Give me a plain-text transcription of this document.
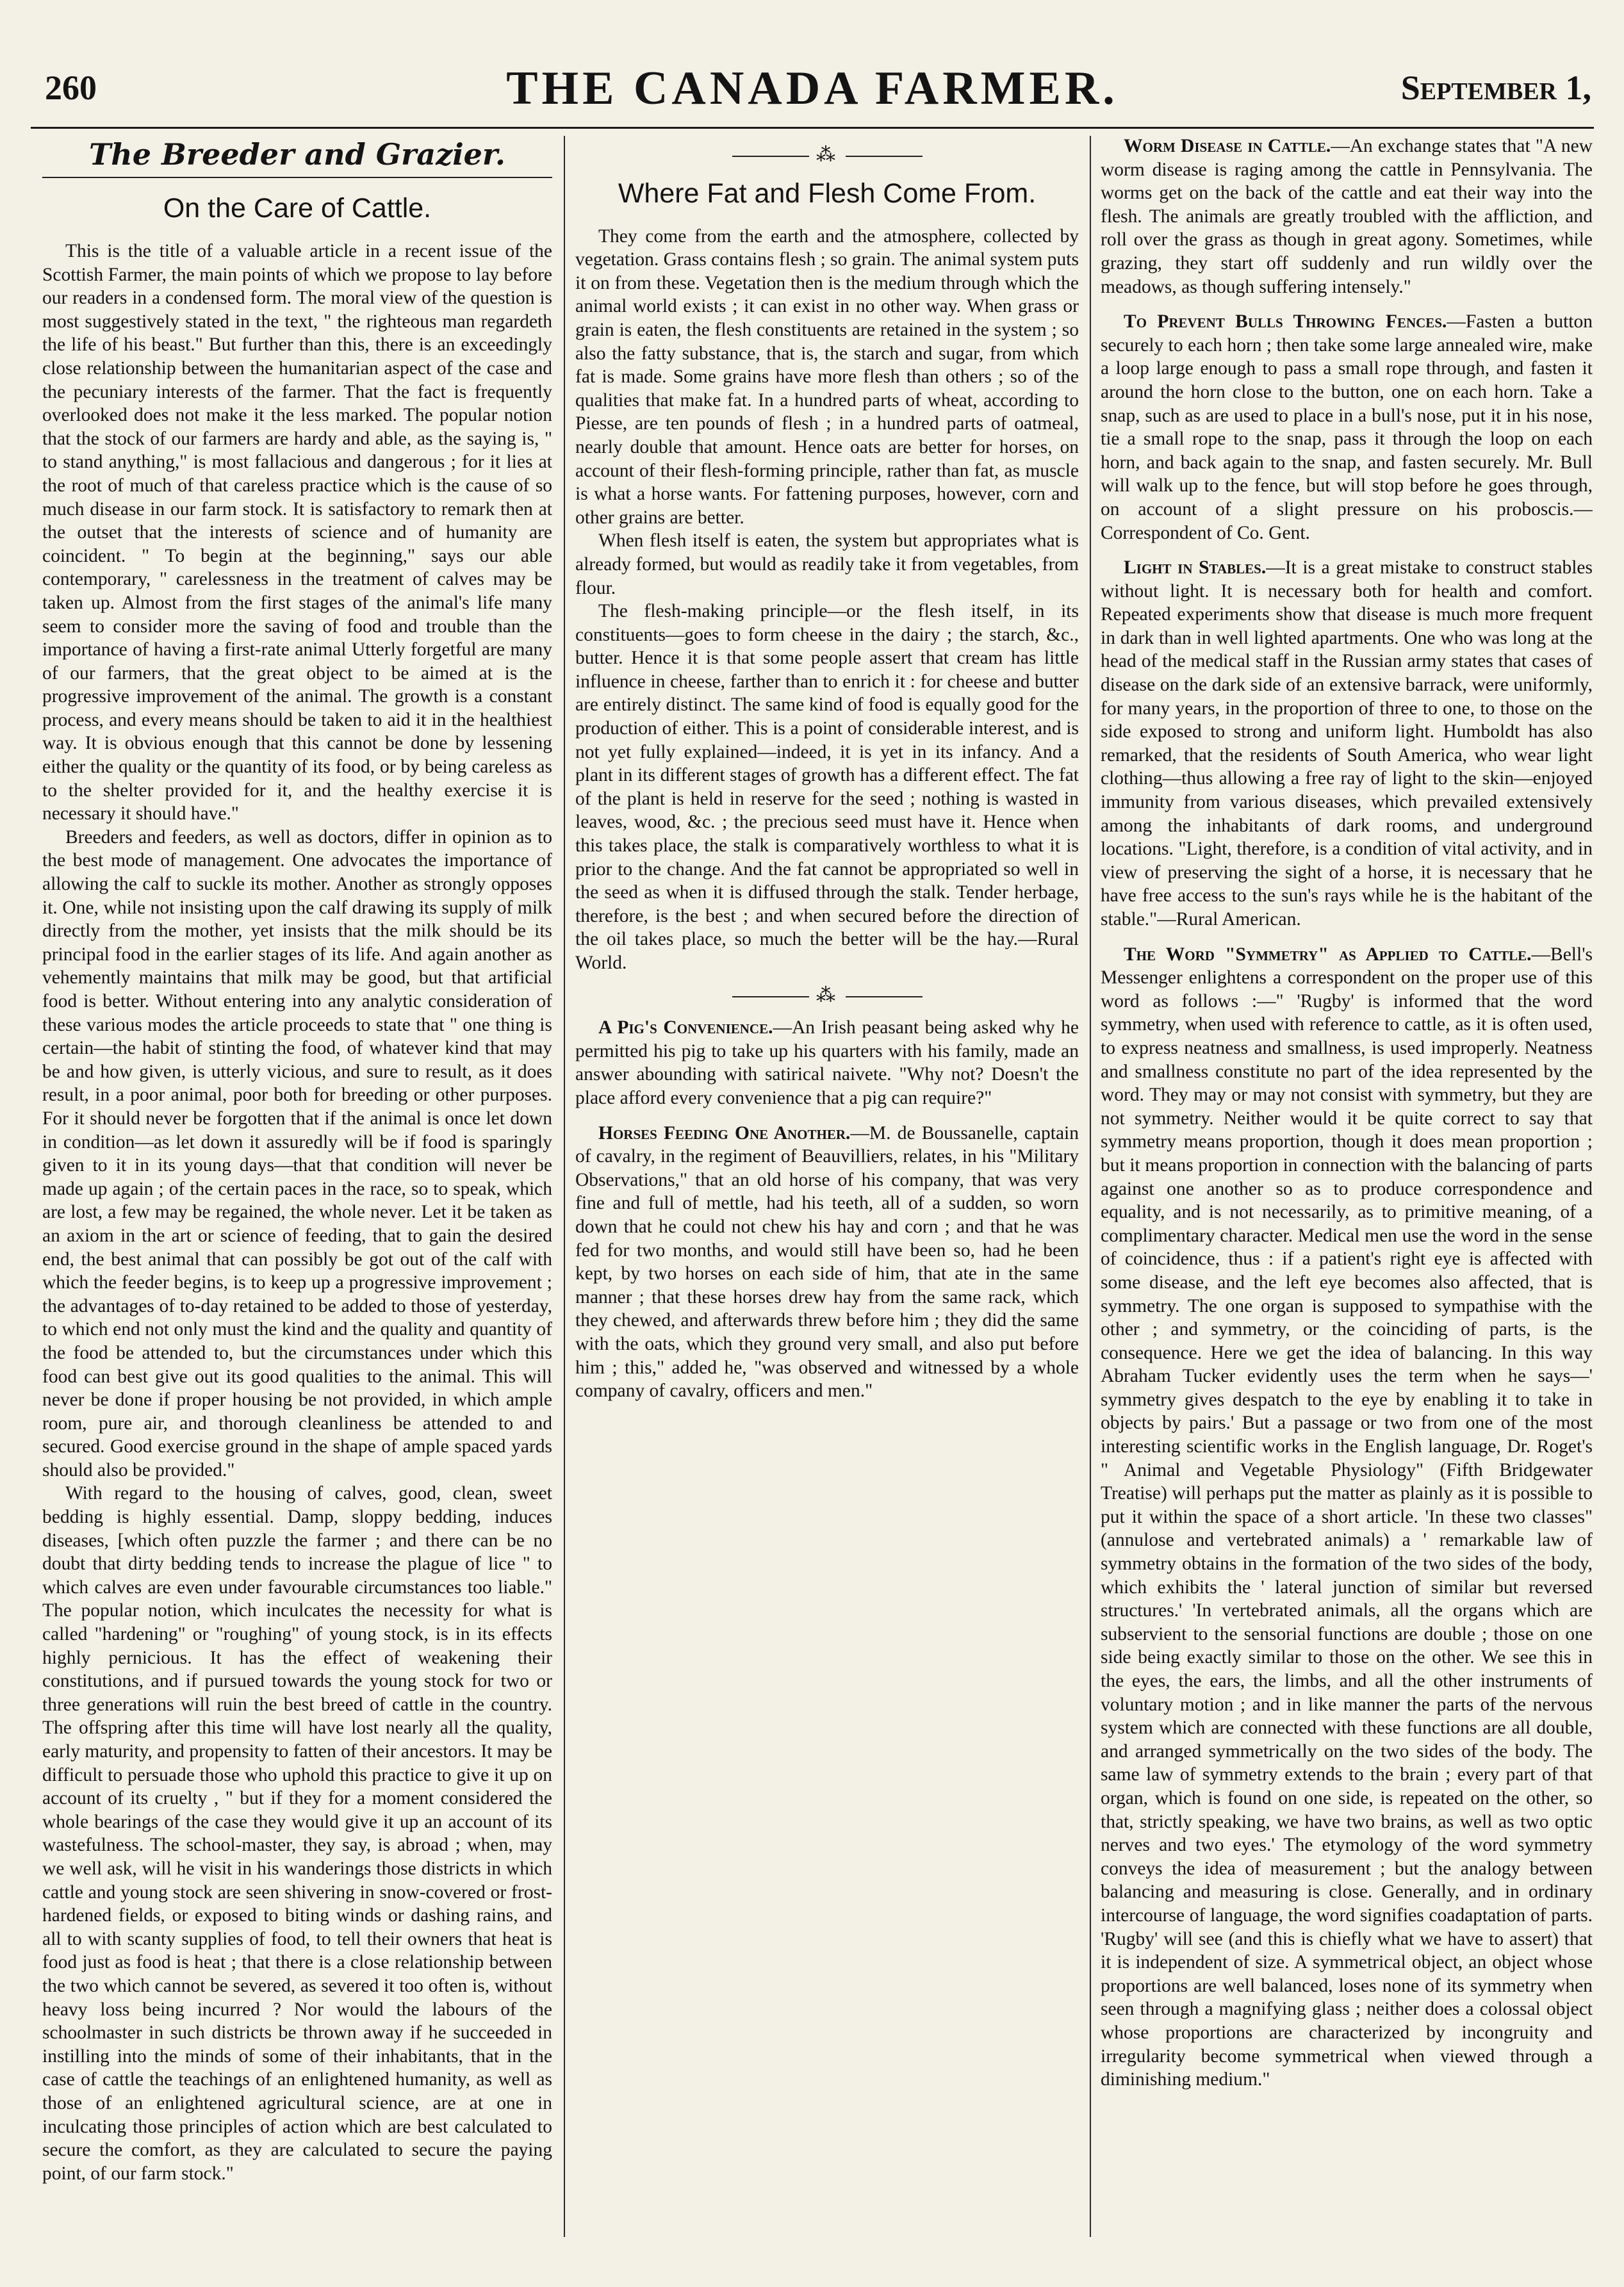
260	THE CANADA FARMER.	September 1,
The Breeder and Grazier.
On the Care of Cattle.

This is the title of a valuable article in a recent issue of the Scottish Farmer, the main points of which we propose to lay before our readers in a condensed form. The moral view of the question is most suggestively stated in the text, " the righteous man regardeth the life of his beast." But further than this, there is an exceedingly close relationship between the humanitarian aspect of the case and the pecuniary interests of the farmer. That the fact is frequently overlooked does not make it the less marked. The popular notion that the stock of our farmers are hardy and able, as the saying is, " to stand anything," is most fallacious and dangerous ; for it lies at the root of much of that careless practice which is the cause of so much disease in our farm stock. It is satisfactory to remark then at the outset that the interests of science and of humanity are coincident. " To begin at the beginning," says our able contemporary, " carelessness in the treatment of calves may be taken up. Almost from the first stages of the animal's life many seem to consider more the saving of food and trouble than the importance of having a first-rate animal Utterly forgetful are many of our farmers, that the great object to be aimed at is the progressive improvement of the animal. The growth is a constant process, and every means should be taken to aid it in the healthiest way. It is obvious enough that this cannot be done by lessening either the quality or the quantity of its food, or by being careless as to the shelter provided for it, and the healthy exercise it is necessary it should have."

Breeders and feeders, as well as doctors, differ in opinion as to the best mode of management. One advocates the importance of allowing the calf to suckle its mother. Another as strongly opposes it. One, while not insisting upon the calf drawing its supply of milk directly from the mother, yet insists that the milk should be its principal food in the earlier stages of its life. And again another as vehemently maintains that milk may be good, but that artificial food is better. Without entering into any analytic consideration of these various modes the article proceeds to state that " one thing is certain—the habit of stinting the food, of whatever kind that may be and how given, is utterly vicious, and sure to result, as it does result, in a poor animal, poor both for breeding or other purposes. For it should never be forgotten that if the animal is once let down in condition—as let down it assuredly will be if food is sparingly given to it in its young days—that that condition will never be made up again ; of the certain paces in the race, so to speak, which are lost, a few may be regained, the whole never. Let it be taken as an axiom in the art or science of feeding, that to gain the desired end, the best animal that can possibly be got out of the calf with which the feeder begins, is to keep up a progressive improvement ; the advantages of to-day retained to be added to those of yesterday, to which end not only must the kind and the quality and quantity of the food be attended to, but the circumstances under which this food can best give out its good qualities to the animal. This will never be done if proper housing be not provided, in which ample room, pure air, and thorough cleanliness be attended to and secured. Good exercise ground in the shape of ample spaced yards should also be provided."

With regard to the housing of calves, good, clean, sweet bedding is highly essential. Damp, sloppy bedding, induces diseases, [which often puzzle the farmer ; and there can be no doubt that dirty bedding tends to increase the plague of lice " to which calves are even under favourable circumstances too liable." The popular notion, which inculcates the necessity for what is called "hardening" or "roughing" of young stock, is in its effects highly pernicious. It has the effect of weakening their constitutions, and if pursued towards the young stock for two or three generations will ruin the best breed of cattle in the country. The offspring after this time will have lost nearly all the quality, early maturity, and propensity to fatten of their ancestors. It may be difficult to persuade those who uphold this practice to give it up on account of its cruelty , " but if they for a moment considered the whole bearings of the case they would give it up an account of its wastefulness. The school-master, they say, is abroad ; when, may we well ask, will he visit in his wanderings those districts in which cattle and young stock are seen shivering in snow-covered or frost-hardened fields, or exposed to biting winds or dashing rains, and all to with scanty supplies of food, to tell their owners that heat is food just as food is heat ; that there is a close relationship between the two which cannot be severed, as severed it too often is, without heavy loss being incurred ? Nor would the labours of the schoolmaster in such districts be thrown away if he succeeded in instilling into the minds of some of their inhabitants, that in the case of cattle the teachings of an enlightened humanity, as well as those of an enlightened agricultural science, are at one in inculcating those principles of action which are best calculated to secure the comfort, as they are calculated to secure the paying point, of our farm stock."

⁂
Where Fat and Flesh Come From.

They come from the earth and the atmosphere, collected by vegetation. Grass contains flesh ; so grain. The animal system puts it on from these. Vegetation then is the medium through which the animal world exists ; it can exist in no other way. When grass or grain is eaten, the flesh constituents are retained in the system ; so also the fatty substance, that is, the starch and sugar, from which fat is made. Some grains have more flesh than others ; so of the qualities that make fat. In a hundred parts of wheat, according to Piesse, are ten pounds of flesh ; in a hundred parts of oatmeal, nearly double that amount. Hence oats are better for horses, on account of their flesh-forming principle, rather than fat, as muscle is what a horse wants. For fattening purposes, however, corn and other grains are better.

When flesh itself is eaten, the system but appropriates what is already formed, but would as readily take it from vegetables, from flour.

The flesh-making principle—or the flesh itself, in its constituents—goes to form cheese in the dairy ; the starch, &c., butter. Hence it is that some people assert that cream has little influence in cheese, farther than to enrich it : for cheese and butter are entirely distinct. The same kind of food is equally good for the production of either. This is a point of considerable interest, and is not yet fully explained—indeed, it is yet in its infancy. And a plant in its different stages of growth has a different effect. The fat of the plant is held in reserve for the seed ; nothing is wasted in leaves, wood, &c. ; the precious seed must have it. Hence when this takes place, the stalk is comparatively worthless to what it is prior to the change. And the fat cannot be appropriated so well in the seed as when it is diffused through the stalk. Tender herbage, therefore, is the best ; and when secured before the direction of the oil takes place, so much the better will be the hay.—Rural World.

⁂

A Pig's Convenience.—An Irish peasant being asked why he permitted his pig to take up his quarters with his family, made an answer abounding with satirical naivete. "Why not? Doesn't the place afford every convenience that a pig can require?"

Horses Feeding One Another.—M. de Boussanelle, captain of cavalry, in the regiment of Beauvilliers, relates, in his "Military Observations," that an old horse of his company, that was very fine and full of mettle, had his teeth, all of a sudden, so worn down that he could not chew his hay and corn ; and that he was fed for two months, and would still have been so, had he been kept, by two horses on each side of him, that ate in the same manner ; that these horses drew hay from the same rack, which they chewed, and afterwards threw before him ; they did the same with the oats, which they ground very small, and also put before him ; this," added he, "was observed and witnessed by a whole company of cavalry, officers and men."

Worm Disease in Cattle.—An exchange states that "A new worm disease is raging among the cattle in Pennsylvania. The worms get on the back of the cattle and eat their way into the flesh. The animals are greatly troubled with the affliction, and roll over the grass as though in great agony. Sometimes, while grazing, they start off suddenly and run wildly over the meadows, as though suffering intensely."

To Prevent Bulls Throwing Fences.—Fasten a button securely to each horn ; then take some large annealed wire, make a loop large enough to pass a small rope through, and fasten it around the horn close to the button, one on each horn. Take a snap, such as are used to place in a bull's nose, put it in his nose, tie a small rope to the snap, pass it through the loop on each horn, and back again to the snap, and fasten securely. Mr. Bull will walk up to the fence, but will stop before he goes through, on account of a slight pressure on his proboscis.—Correspondent of Co. Gent.

Light in Stables.—It is a great mistake to construct stables without light. It is necessary both for health and comfort. Repeated experiments show that disease is much more frequent in dark than in well lighted apartments. One who was long at the head of the medical staff in the Russian army states that cases of disease on the dark side of an extensive barrack, were uniformly, for many years, in the proportion of three to one, to those on the side exposed to strong and uniform light. Humboldt has also remarked, that the residents of South America, who wear light clothing—thus allowing a free ray of light to the skin—enjoyed immunity from various diseases, which prevailed extensively among the inhabitants of dark rooms, and underground locations. "Light, therefore, is a condition of vital activity, and in view of preserving the sight of a horse, it is necessary that he have free access to the sun's rays while he is the habitant of the stable."—Rural American.

The Word "Symmetry" as Applied to Cattle.—Bell's Messenger enlightens a correspondent on the proper use of this word as follows :—" 'Rugby' is informed that the word symmetry, when used with reference to cattle, as it is often used, to express neatness and smallness, is used improperly. Neatness and smallness constitute no part of the idea represented by the word. They may or may not consist with symmetry, but they are not symmetry. Neither would it be quite correct to say that symmetry means proportion, though it does mean proportion ; but it means proportion in connection with the balancing of parts against one another so as to produce correspondence and equality, and is not necessarily, as to primitive meaning, of a complimentary character. Medical men use the word in the sense of coincidence, thus : if a patient's right eye is affected with some disease, and the left eye becomes also affected, that is symmetry. The one organ is supposed to sympathise with the other ; and symmetry, or the coinciding of parts, is the consequence. Here we get the idea of balancing. In this way Abraham Tucker evidently uses the term when he says—' symmetry gives despatch to the eye by enabling it to take in objects by pairs.' But a passage or two from one of the most interesting scientific works in the English language, Dr. Roget's " Animal and Vegetable Physiology" (Fifth Bridgewater Treatise) will perhaps put the matter as plainly as it is possible to put it within the space of a short article. 'In these two classes" (annulose and vertebrated animals) a ' remarkable law of symmetry obtains in the formation of the two sides of the body, which exhibits the ' lateral junction of similar but reversed structures.' 'In vertebrated animals, all the organs which are subservient to the sensorial functions are double ; those on one side being exactly similar to those on the other. We see this in the eyes, the ears, the limbs, and all the other instruments of voluntary motion ; and in like manner the parts of the nervous system which are connected with these functions are all double, and arranged symmetrically on the two sides of the body. The same law of symmetry extends to the brain ; every part of that organ, which is found on one side, is repeated on the other, so that, strictly speaking, we have two brains, as well as two optic nerves and two eyes.' The etymology of the word symmetry conveys the idea of measurement ; but the analogy between balancing and measuring is close. Generally, and in ordinary intercourse of language, the word signifies coadaptation of parts. 'Rugby' will see (and this is chiefly what we have to assert) that it is independent of size. A symmetrical object, an object whose proportions are well balanced, loses none of its symmetry when seen through a magnifying glass ; neither does a colossal object whose proportions are characterized by incongruity and irregularity become symmetrical when viewed through a diminishing medium."
